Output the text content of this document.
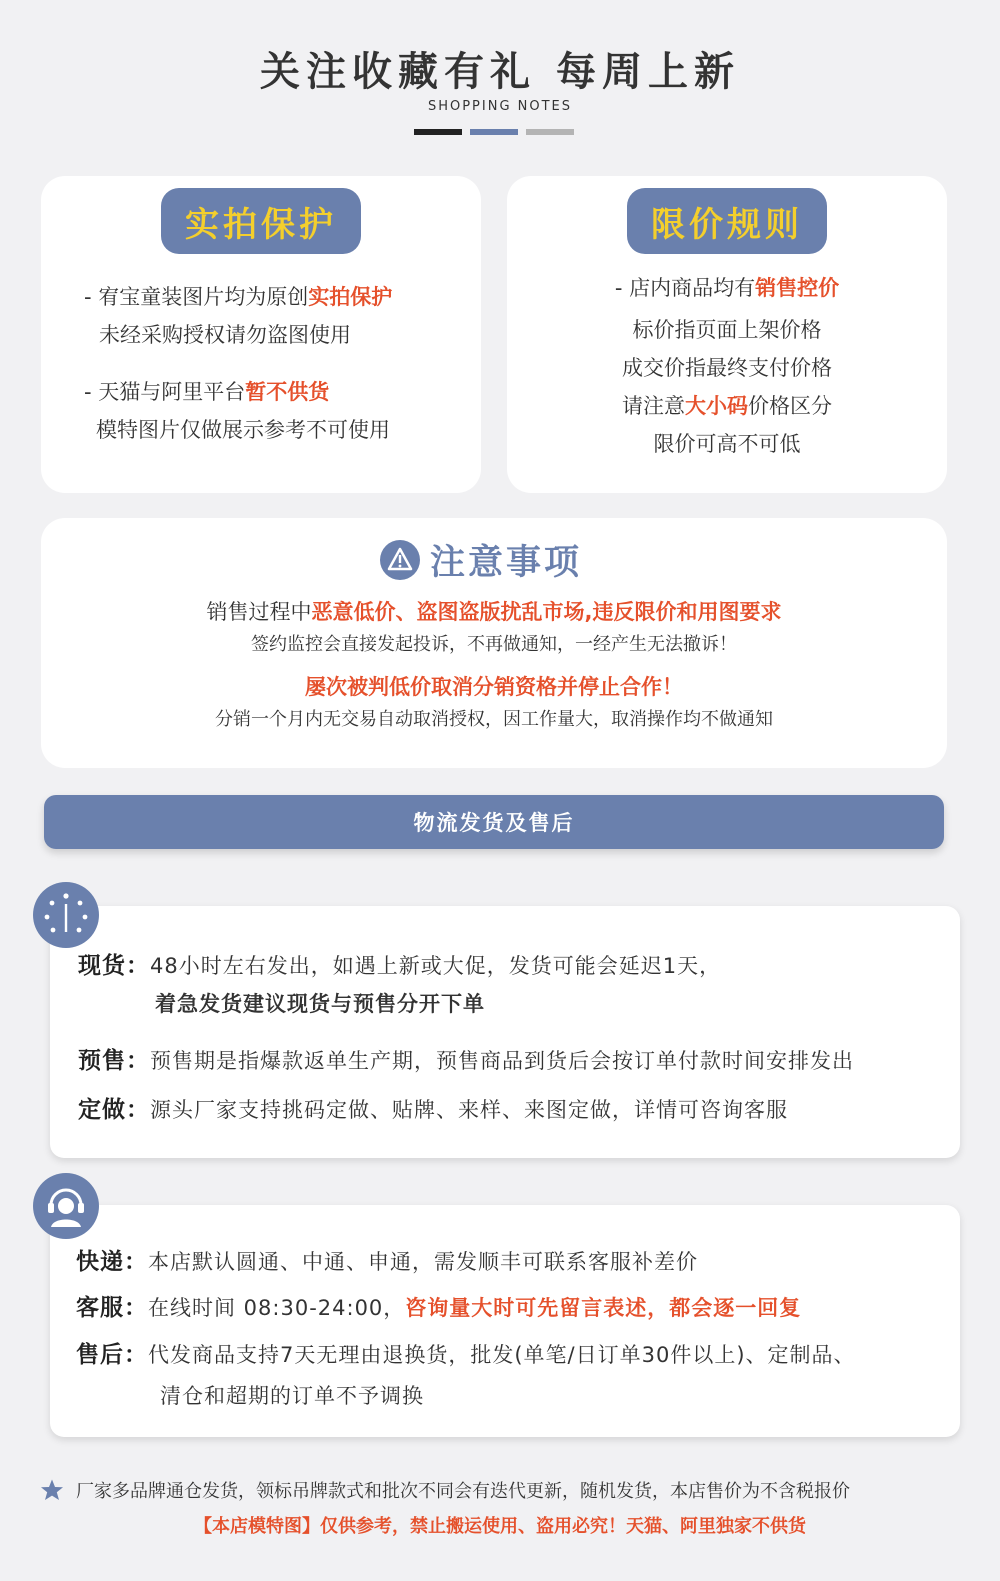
关注收藏有礼 每周上新
SHOPPING NOTES
实拍保护
- 宥宝童装图片均为原创实拍保护
未经采购授权请勿盗图使用
- 天猫与阿里平台暂不供货
模特图片仅做展示参考不可使用
限价规则
- 店内商品均有销售控价
标价指页面上架价格
成交价指最终支付价格
请注意大小码价格区分
限价可高不可低
注意事项
销售过程中恶意低价、盗图盗版扰乱市场,违反限价和用图要求
签约监控会直接发起投诉，不再做通知，一经产生无法撤诉！
屡次被判低价取消分销资格并停止合作！
分销一个月内无交易自动取消授权，因工作量大，取消操作均不做通知
物流发货及售后
现货：48小时左右发出，如遇上新或大促，发货可能会延迟1天，
着急发货建议现货与预售分开下单
预售：预售期是指爆款返单生产期，预售商品到货后会按订单付款时间安排发出
定做：源头厂家支持挑码定做、贴牌、来样、来图定做，详情可咨询客服
快递：本店默认圆通、中通、申通，需发顺丰可联系客服补差价
客服：在线时间 08:30-24:00，咨询量大时可先留言表述，都会逐一回复
售后：代发商品支持7天无理由退换货，批发(单笔/日订单30件以上)、定制品、
清仓和超期的订单不予调换
厂家多品牌通仓发货，领标吊牌款式和批次不同会有迭代更新，随机发货，本店售价为不含税报价
【本店模特图】仅供参考，禁止搬运使用、盗用必究！天猫、阿里独家不供货
